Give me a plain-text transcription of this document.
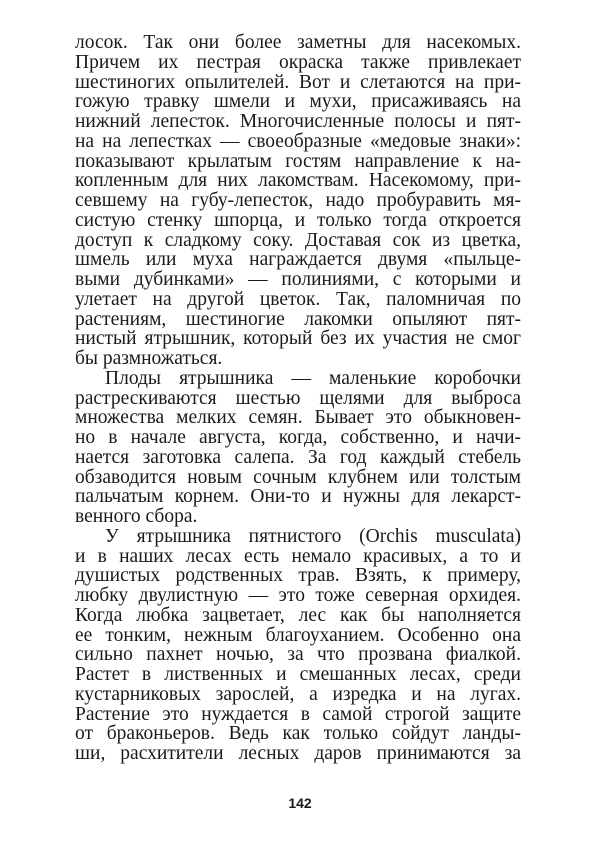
лосок. Так они более заметны для насекомых.
Причем их пестрая окраска также привлекает
шестиногих опылителей. Вот и слетаются на при-
гожую травку шмели и мухи, присаживаясь на
нижний лепесток. Многочисленные полосы и пят-
на на лепестках — своеобразные «медовые знаки»:
показывают крылатым гостям направление к на-
копленным для них лакомствам. Насекомому, при-
севшему на губу-лепесток, надо пробуравить мя-
систую стенку шпорца, и только тогда откроется
доступ к сладкому соку. Доставая сок из цветка,
шмель или муха награждается двумя «пыльце-
выми дубинками» — полиниями, с которыми и
улетает на другой цветок. Так, паломничая по
растениям, шестиногие лакомки опыляют пят-
нистый ятрышник, который без их участия не смог
бы размножаться.
Плоды ятрышника — маленькие коробочки
растрескиваются шестью щелями для выброса
множества мелких семян. Бывает это обыкновен-
но в начале августа, когда, собственно, и начи-
нается заготовка салепа. За год каждый стебель
обзаводится новым сочным клубнем или толстым
пальчатым корнем. Они-то и нужны для лекарст-
венного сбора.
У ятрышника пятнистого (Orchis musculata)
и в наших лесах есть немало красивых, а то и
душистых родственных трав. Взять, к примеру,
любку двулистную — это тоже северная орхидея.
Когда любка зацветает, лес как бы наполняется
ее тонким, нежным благоуханием. Особенно она
сильно пахнет ночью, за что прозвана фиалкой.
Растет в лиственных и смешанных лесах, среди
кустарниковых зарослей, а изредка и на лугах.
Растение это нуждается в самой строгой защите
от браконьеров. Ведь как только сойдут ланды-
ши, расхитители лесных даров принимаются за
142
